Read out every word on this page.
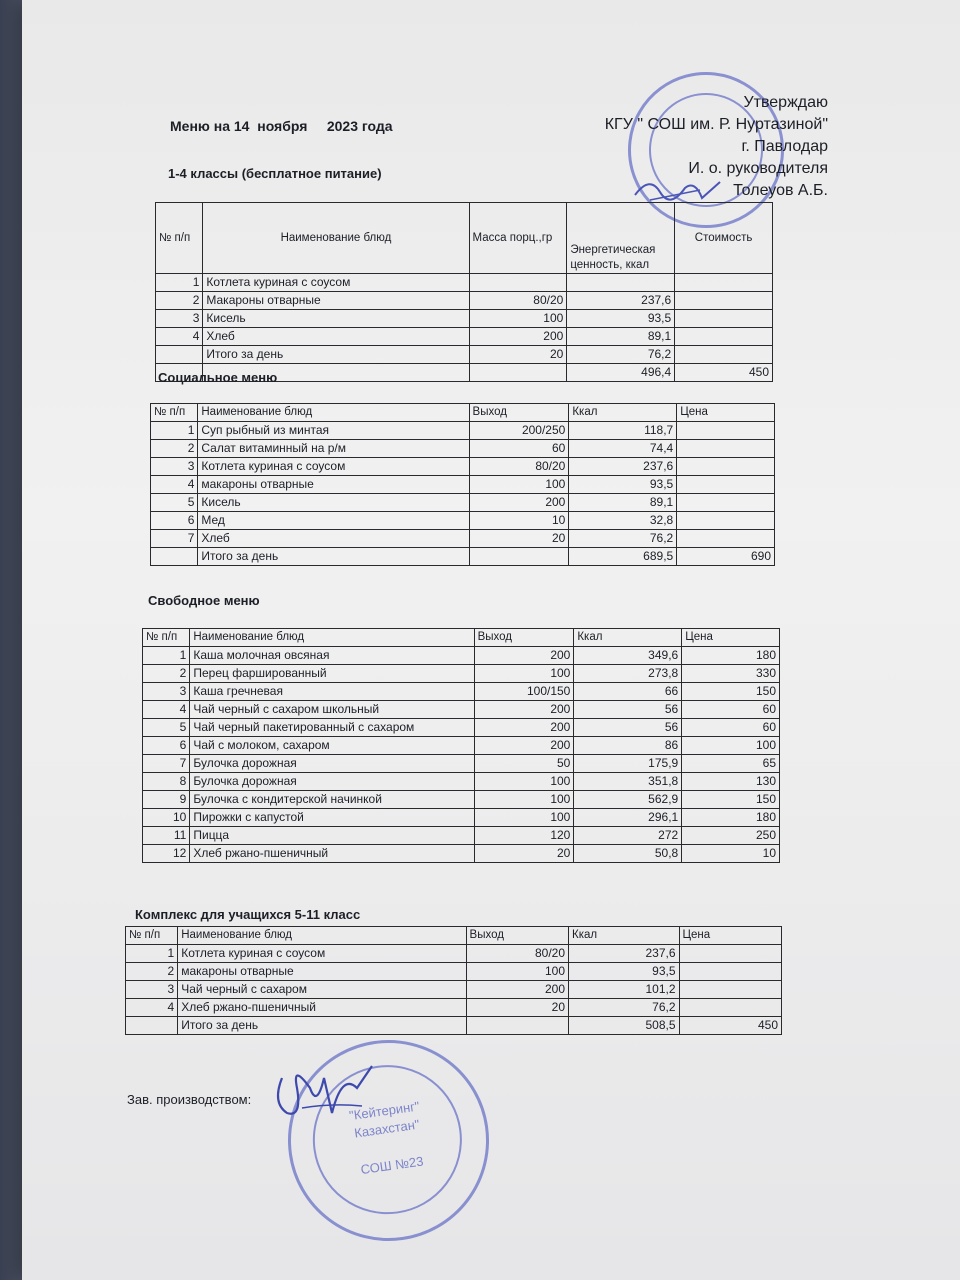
Утверждаю
КГУ " СОШ им. Р. Нуртазиной"
г. Павлодар
И. о. руководителя
Толеуов А.Б.
Меню на 14  ноября     2023 года
1-4 классы (бесплатное питание)
№ п/п	Наименование блюд	Масса порц.,гр	Энергетическая ценность, ккал	Стоимость
1	Котлета куриная с соусом			
2	Макароны отварные	80/20	237,6	
3	Кисель	100	93,5	
4	Хлеб	200	89,1	
	Итого за день	20	76,2	
			496,4	450
Социальное меню
№ п/п	Наименование блюд	Выход	Ккал	Цена
1	Суп рыбный из минтая	200/250	118,7	
2	Салат витаминный на р/м	60	74,4	
3	Котлета куриная с соусом	80/20	237,6	
4	макароны отварные	100	93,5	
5	Кисель	200	89,1	
6	Мед	10	32,8	
7	Хлеб	20	76,2	
	Итого за день		689,5	690
Свободное меню
№ п/п	Наименование блюд	Выход	Ккал	Цена
1	Каша молочная овсяная	200	349,6	180
2	Перец фаршированный	100	273,8	330
3	Каша гречневая	100/150	66	150
4	Чай черный с сахаром школьный	200	56	60
5	Чай черный пакетированный с сахаром	200	56	60
6	Чай с молоком, сахаром	200	86	100
7	Булочка дорожная	50	175,9	65
8	Булочка дорожная	100	351,8	130
9	Булочка с кондитерской начинкой	100	562,9	150
10	Пирожки с капустой	100	296,1	180
11	Пицца	120	272	250
12	Хлеб ржано-пшеничный	20	50,8	10
Комплекс для учащихся 5-11 класс
№ п/п	Наименование блюд	Выход	Ккал	Цена
1	Котлета куриная с соусом	80/20	237,6	
2	макароны отварные	100	93,5	
3	Чай черный с сахаром	200	101,2	
4	Хлеб ржано-пшеничный	20	76,2	
	Итого за день		508,5	450
Зав. производством:	"Кейтеринг"
Казахстан"
СОШ №23
